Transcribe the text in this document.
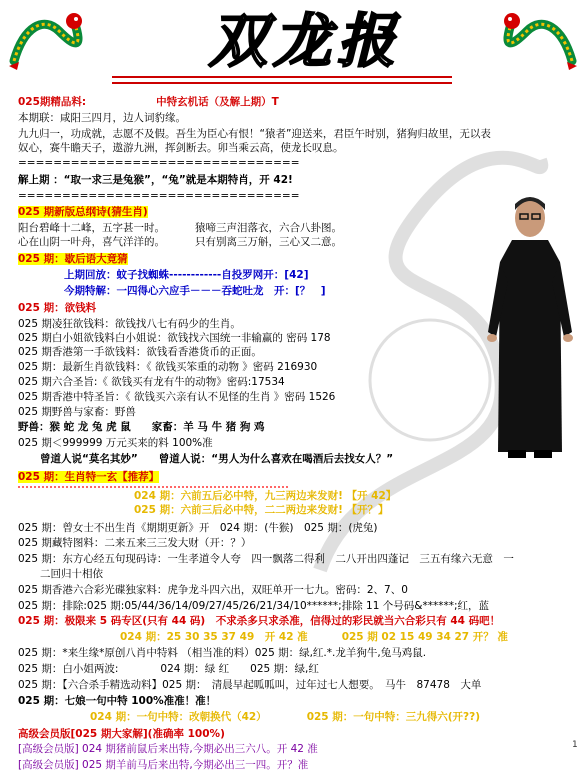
双龙报
025期精品料:	中特玄机话（及解上期）T
本期联：咸阳三四月，边人词豹缘。
九九归一，功成就，志愿不及假。吾生为臣心有恨！“猿者”迎送来，君臣午时别，猪狗归故里，无以表
奴心，赛牛瞻天子，遨游九洲，挥剑断去。卯当乘云高，使龙长叹息。
================================
解上期 ：“取一求三是兔猴”，“兔”就是本期特肖，开 42!
================================
025 期新版总纲诗(猜生肖)
阳台碧峰十二峰，五字甚一时。	猿啼三声泪落衣，六合八卦图。
心在山阴一叶舟，喜气洋洋的。	只有别离三万斛，三心又二意。
025 期：歇后语大竟猜
上期回放：蚊子找蜘蛛------------自投罗网开：[42]
今期特解：一四得心六应手－－－吞蛇吐龙　开：[？　]
025 期：欲钱料
025 期凌狂欲钱料：欲钱找八七有码少的生肖。
025 期白小姐欲钱料白小姐说：欲钱找六国统一非输赢的 密码 178
025 期香港第一手欲钱料：欲钱看香港货币的正面。
025 期：最新生肖欲钱料：《 欲钱买笨重的动物 》密码 216930
025 期六合圣旨:《 欲钱买有龙有牛的动物》密码:17534
025 期香港中特圣旨：《 欲钱买六亲有认不见怪的生肖 》密码 1526
025 期野兽与家畜：野兽
野兽：猴 蛇 龙 兔 虎 鼠　　家畜：羊 马 牛 猪 狗 鸡
025 期＜999999 万元买来的料 100%准
曾道人说“莫名其妙”　　曾道人说：“男人为什么喜欢在喝酒后去找女人？”
025 期：生肖特一玄【推荐】
024 期：六前五后必中特，九三两边来发财! 【开 42】
025 期：六前三后必中特，二二两边来发财! 【开？】
025 期：曾女士不出生肖《期期更新》开　024 期：(牛猴)　025 期：(虎兔)
025 期藏特图料：二来五来三三发大财（开：？）
025 期：东方心经五句现码诗：一生孝道令人夸　四一飘落二得利　二八开出四蓬记　三五有缘六无意　一
二回归十相依
025 期香港六合彩光碟独家料：虎争龙斗四六出，双旺单开一七九。密码：2、7、0
025 期：排除:025 期:05/44/36/14/09/27/45/26/21/34/10******;排除 11 个号码&******;红，蓝
025 期：极限来 5 码专区(只有 44 码)　不求杀多只求杀准，信得过的彩民就当六合彩只有 44 码吧！
024 期：25 30 35 37 49　开 42 准	025 期 02 15 49 34 27 开？ 准
025 期：*来生缘*原创八肖中特料 （相当准的料）025 期：绿,红.*.龙羊狗牛,兔马鸡鼠.
025 期：白小姐两波:　　　　024 期：绿 红　　025 期：绿,红
025 期：【六合杀手精选动料】025 期：　清晨早起呱呱叫，过年过七人想要。　马牛　87478　大单
025 期：七娘一句中特 100%准准！准！
024 期：一句中特：改朝换代（42）	025 期：一句中特：三九得六(开??)
高级会员版[025 期大家解](准确率 100%)
[高级会员版] 024 期猪前鼠后来出特,今期必出三六八。开 42 准
[高级会员版] 025 期羊前马后来出特,今期必出三一四。开？准
1
